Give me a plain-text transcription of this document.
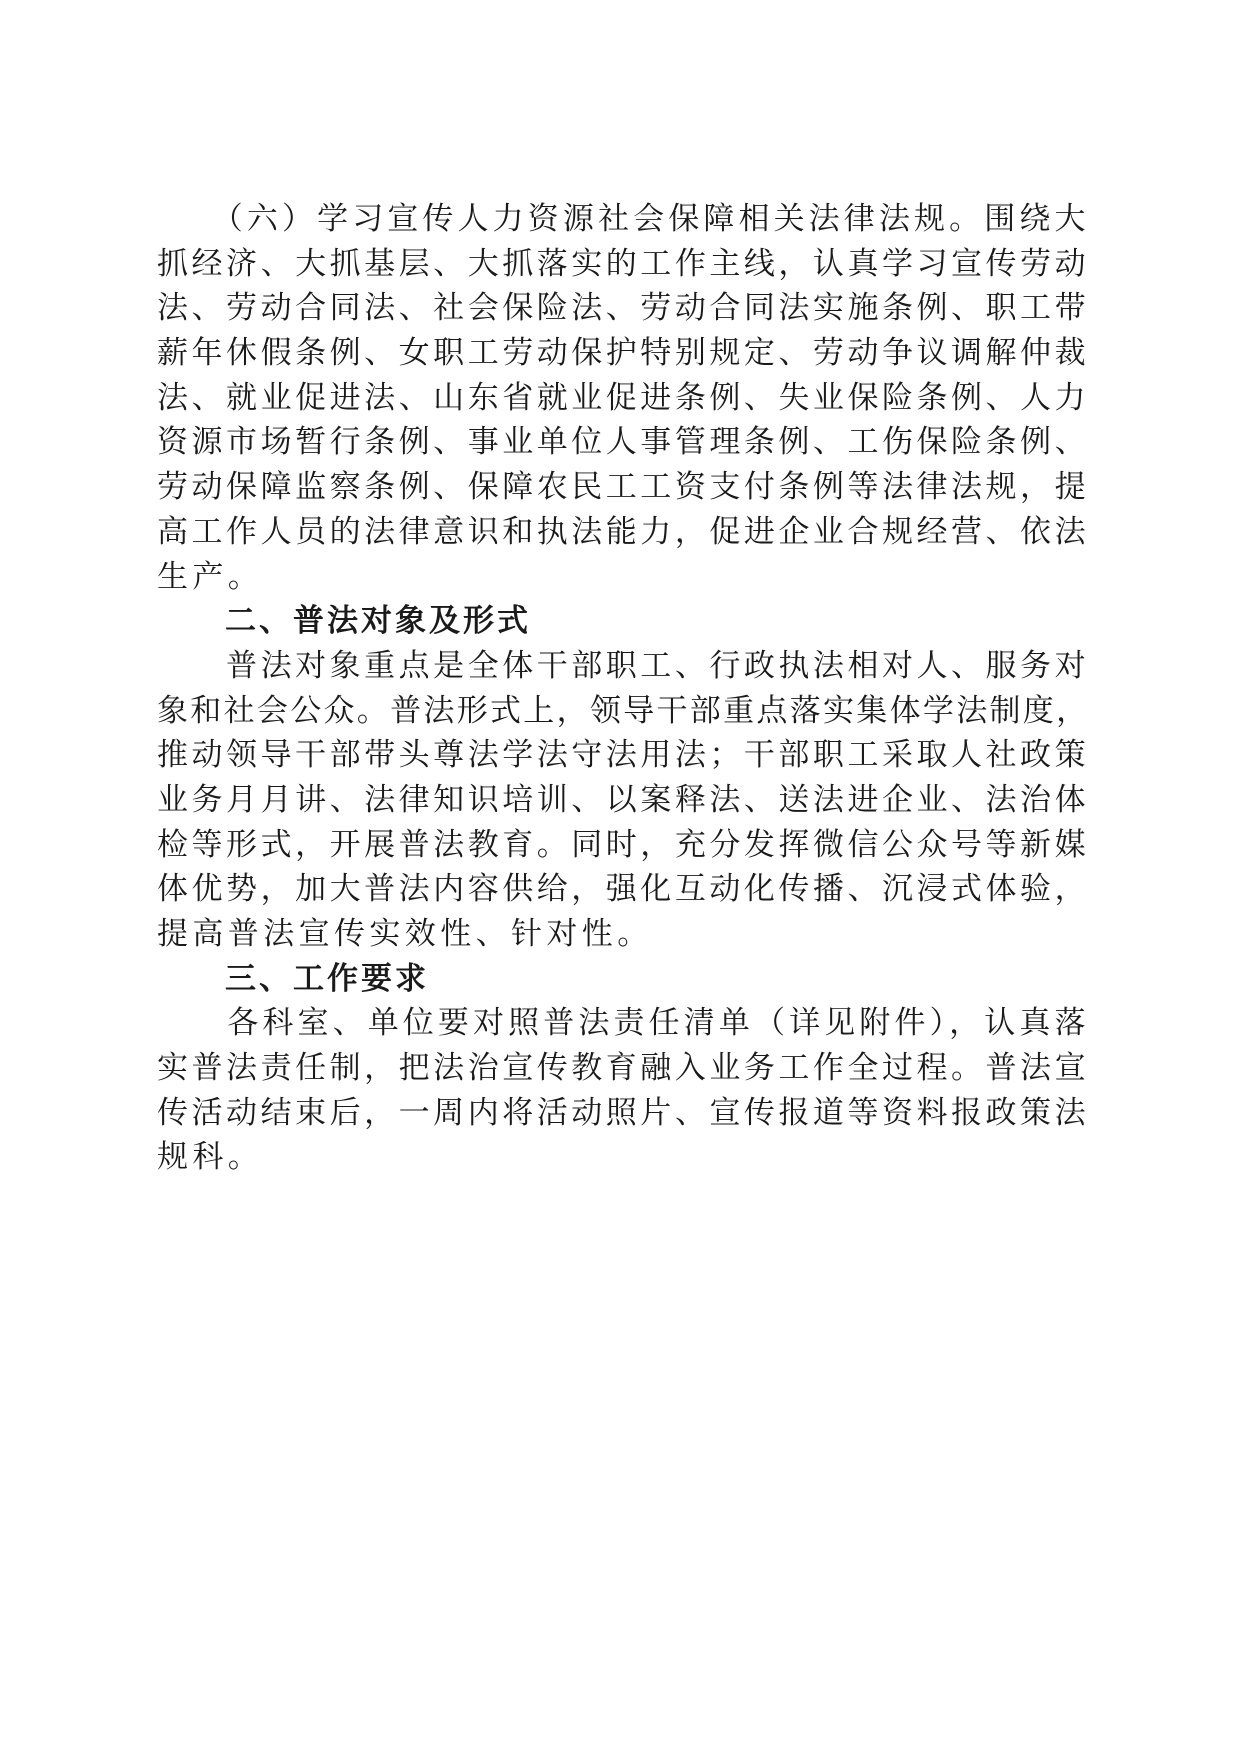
　　（六）学习宣传人力资源社会保障相关法律法规。围绕大
抓经济、大抓基层、大抓落实的工作主线，认真学习宣传劳动
法、劳动合同法、社会保险法、劳动合同法实施条例、职工带
薪年休假条例、女职工劳动保护特别规定、劳动争议调解仲裁
法、就业促进法、山东省就业促进条例、失业保险条例、人力
资源市场暂行条例、事业单位人事管理条例、工伤保险条例、
劳动保障监察条例、保障农民工工资支付条例等法律法规，提
高工作人员的法律意识和执法能力，促进企业合规经营、依法
生产。
　　二、普法对象及形式
　　普法对象重点是全体干部职工、行政执法相对人、服务对
象和社会公众。普法形式上，领导干部重点落实集体学法制度，
推动领导干部带头尊法学法守法用法；干部职工采取人社政策
业务月月讲、法律知识培训、以案释法、送法进企业、法治体
检等形式，开展普法教育。同时，充分发挥微信公众号等新媒
体优势，加大普法内容供给，强化互动化传播、沉浸式体验，
提高普法宣传实效性、针对性。
　　三、工作要求
　　各科室、单位要对照普法责任清单（详见附件），认真落
实普法责任制，把法治宣传教育融入业务工作全过程。普法宣
传活动结束后，一周内将活动照片、宣传报道等资料报政策法
规科。
